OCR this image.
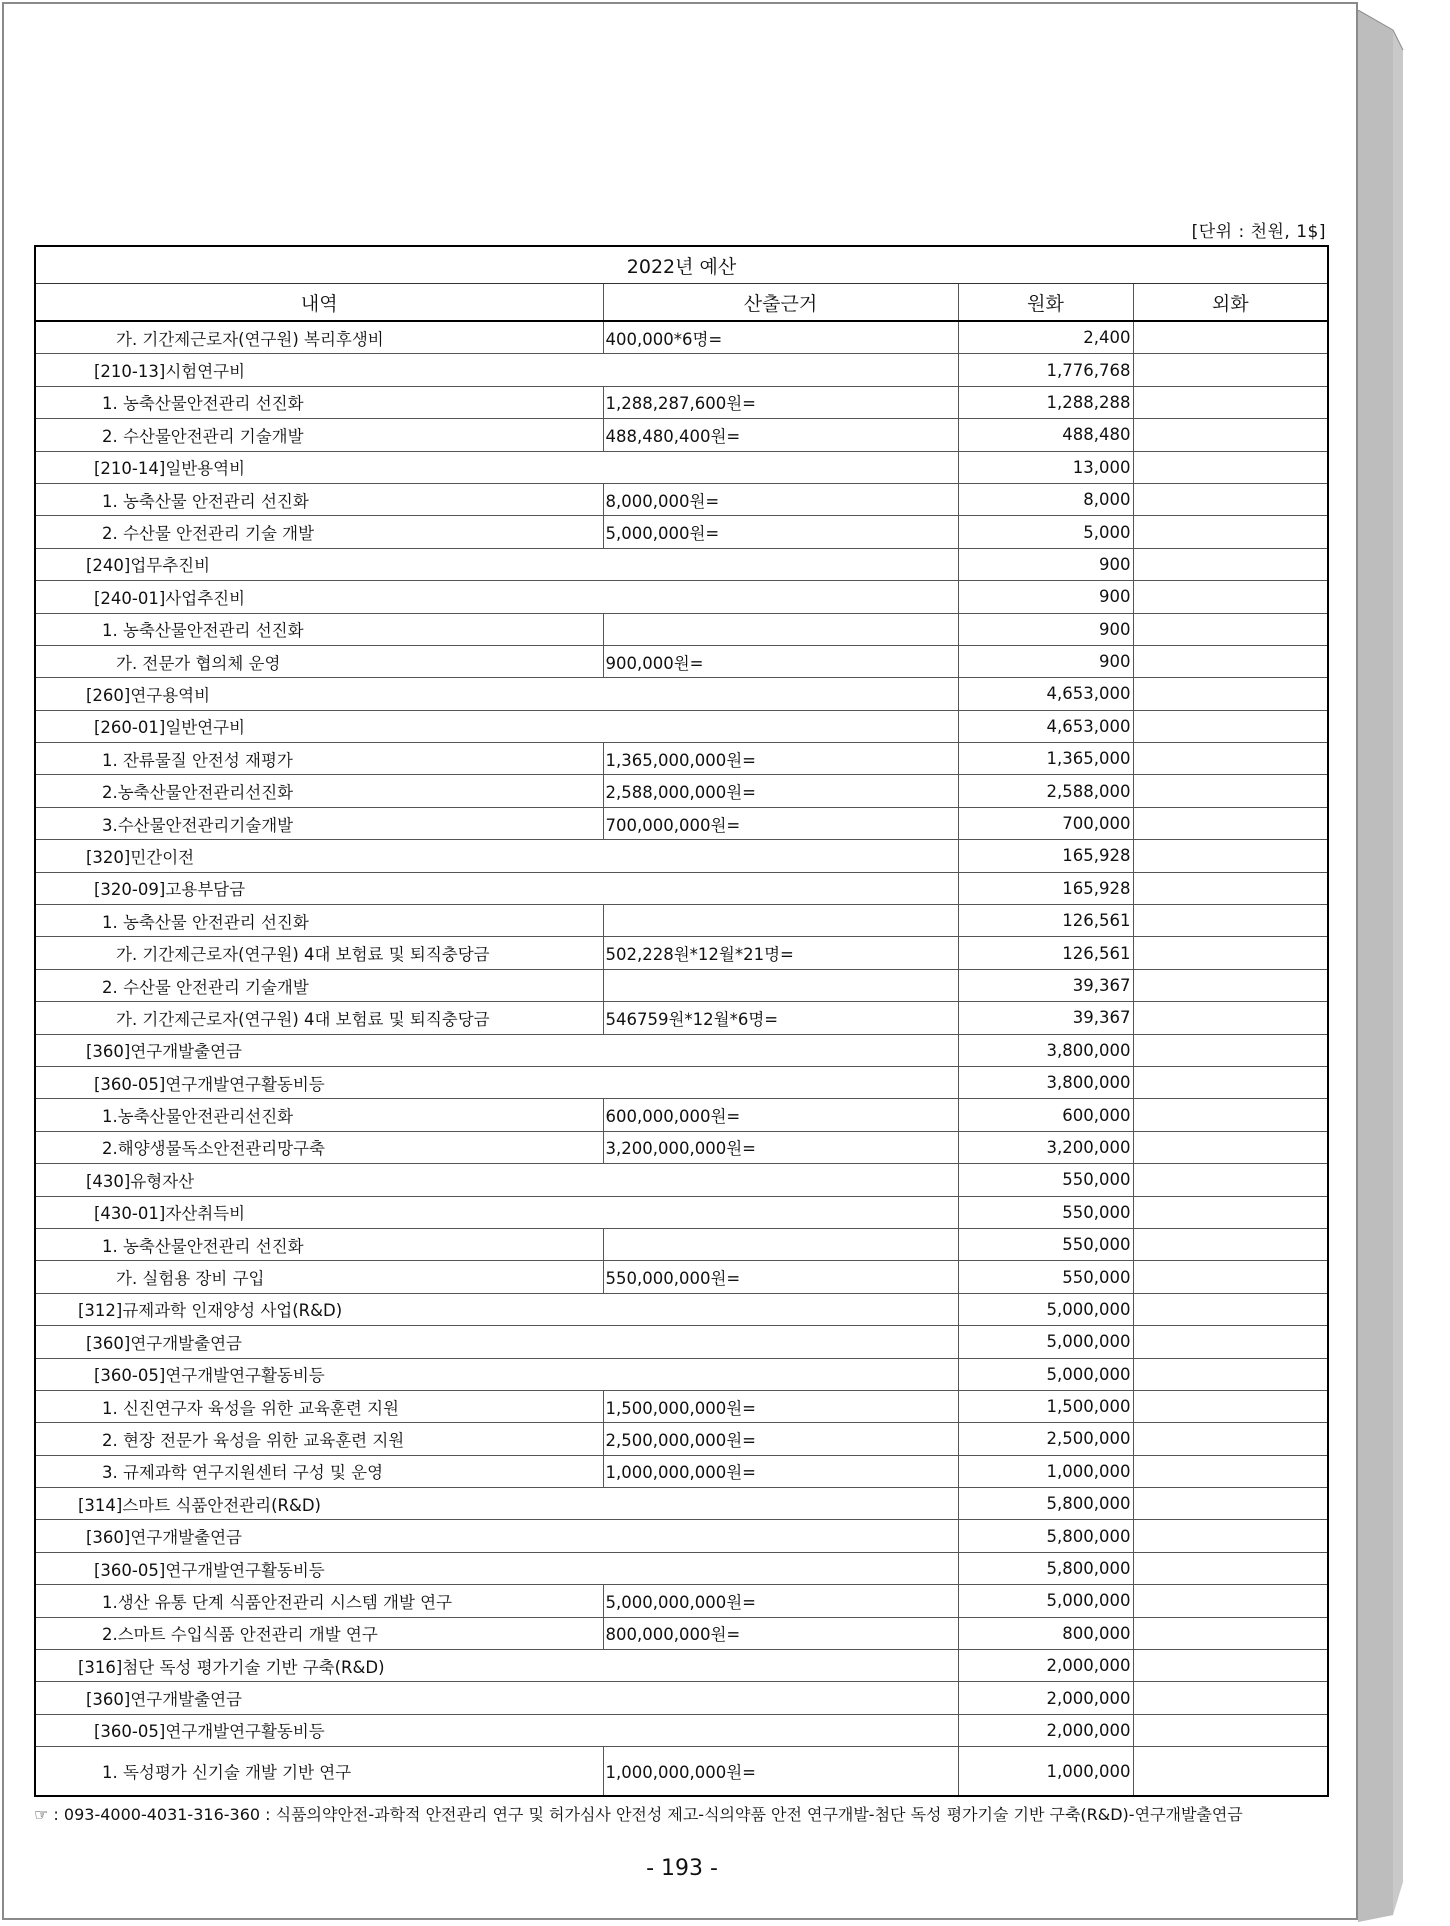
[단위 : 천원, 1$]
2022년 예산			
내역	산출근거	원화	외화
가. 기간제근로자(연구원) 복리후생비	400,000*6명=	2,400	
[210-13]시험연구비		1,776,768	
1. 농축산물안전관리 선진화	1,288,287,600원=	1,288,288	
2. 수산물안전관리 기술개발	488,480,400원=	488,480	
[210-14]일반용역비		13,000	
1. 농축산물 안전관리 선진화	8,000,000원=	8,000	
2. 수산물 안전관리 기술 개발	5,000,000원=	5,000	
[240]업무추진비		900	
[240-01]사업추진비		900	
1. 농축산물안전관리 선진화		900	
가. 전문가 협의체 운영	900,000원=	900	
[260]연구용역비		4,653,000	
[260-01]일반연구비		4,653,000	
1. 잔류물질 안전성 재평가	1,365,000,000원=	1,365,000	
2.농축산물안전관리선진화	2,588,000,000원=	2,588,000	
3.수산물안전관리기술개발	700,000,000원=	700,000	
[320]민간이전		165,928	
[320-09]고용부담금		165,928	
1. 농축산물 안전관리 선진화		126,561	
가. 기간제근로자(연구원) 4대 보험료 및 퇴직충당금	502,228원*12월*21명=	126,561	
2. 수산물 안전관리 기술개발		39,367	
가. 기간제근로자(연구원) 4대 보험료 및 퇴직충당금	546759원*12월*6명=	39,367	
[360]연구개발출연금		3,800,000	
[360-05]연구개발연구활동비등		3,800,000	
1.농축산물안전관리선진화	600,000,000원=	600,000	
2.해양생물독소안전관리망구축	3,200,000,000원=	3,200,000	
[430]유형자산		550,000	
[430-01]자산취득비		550,000	
1. 농축산물안전관리 선진화		550,000	
가. 실험용 장비 구입	550,000,000원=	550,000	
[312]규제과학 인재양성 사업(R&D)		5,000,000	
[360]연구개발출연금		5,000,000	
[360-05]연구개발연구활동비등		5,000,000	
1. 신진연구자 육성을 위한 교육훈련 지원	1,500,000,000원=	1,500,000	
2. 현장 전문가 육성을 위한 교육훈련 지원	2,500,000,000원=	2,500,000	
3. 규제과학 연구지원센터 구성 및 운영	1,000,000,000원=	1,000,000	
[314]스마트 식품안전관리(R&D)		5,800,000	
[360]연구개발출연금		5,800,000	
[360-05]연구개발연구활동비등		5,800,000	
1.생산 유통 단계 식품안전관리 시스템 개발 연구	5,000,000,000원=	5,000,000	
2.스마트 수입식품 안전관리 개발 연구	800,000,000원=	800,000	
[316]첨단 독성 평가기술 기반 구축(R&D)		2,000,000	
[360]연구개발출연금		2,000,000	
[360-05]연구개발연구활동비등		2,000,000	
1. 독성평가 신기술 개발 기반 연구	1,000,000,000원=	1,000,000	
☞ : 093-4000-4031-316-360 : 식품의약안전-과학적 안전관리 연구 및 허가심사 안전성 제고-식의약품 안전 연구개발-첨단 독성 평가기술 기반 구축(R&D)-연구개발출연금
- 193 -
